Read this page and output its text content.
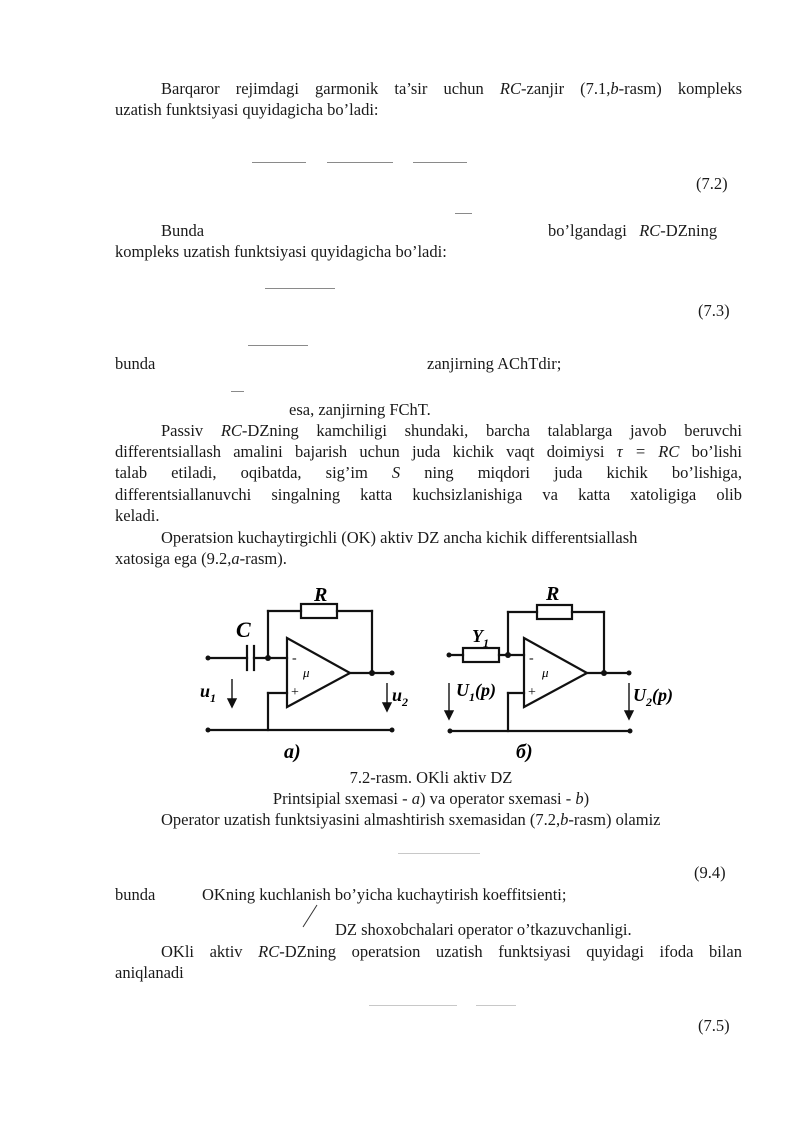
Barqaror rejimdagi garmonik ta’sir uchun RC-zanjir (7.1,b-rasm) kompleks
uzatish funktsiyasi quyidagicha bo’ladi:
(7.2)
Bunda	bo’lgandagi RC-DZning
kompleks uzatish funktsiyasi quyidagicha bo’ladi:
(7.3)
bunda	zanjirning AChTdir;
esa, zanjirning FChT.
Passiv RC-DZning kamchiligi shundaki, barcha talablarga javob beruvchi
differentsiallash amalini bajarish uchun juda kichik vaqt doimiysi τ = RC bo’lishi
talab etiladi, oqibatda, sig’im S ning miqdori juda kichik bo’lishiga,
differentsiallanuvchi singalning katta kuchsizlanishiga va katta xatoligiga olib
keladi.
Operatsion kuchaytirgichli (OK) aktiv DZ ancha kichik differentsiallash
xatosiga ega (9.2,a-rasm).
R
C
-
μ
+
$u_1$	$u_2$
а)
R
$Y_1$
-
μ
+
$U_1(p)$	$U_2(p)$
б)
7.2-rasm. OKli aktiv DZ
Printsipial sxemasi - a) va operator sxemasi - b)
Operator uzatish funktsiyasini almashtirish sxemasidan (7.2,b-rasm) olamiz
(9.4)
bunda	OKning kuchlanish bo’yicha kuchaytirish koeffitsienti;
DZ shoxobchalari operator o’tkazuvchanligi.
OKli aktiv RC-DZning operatsion uzatish funktsiyasi quyidagi ifoda bilan
aniqlanadi
(7.5)
